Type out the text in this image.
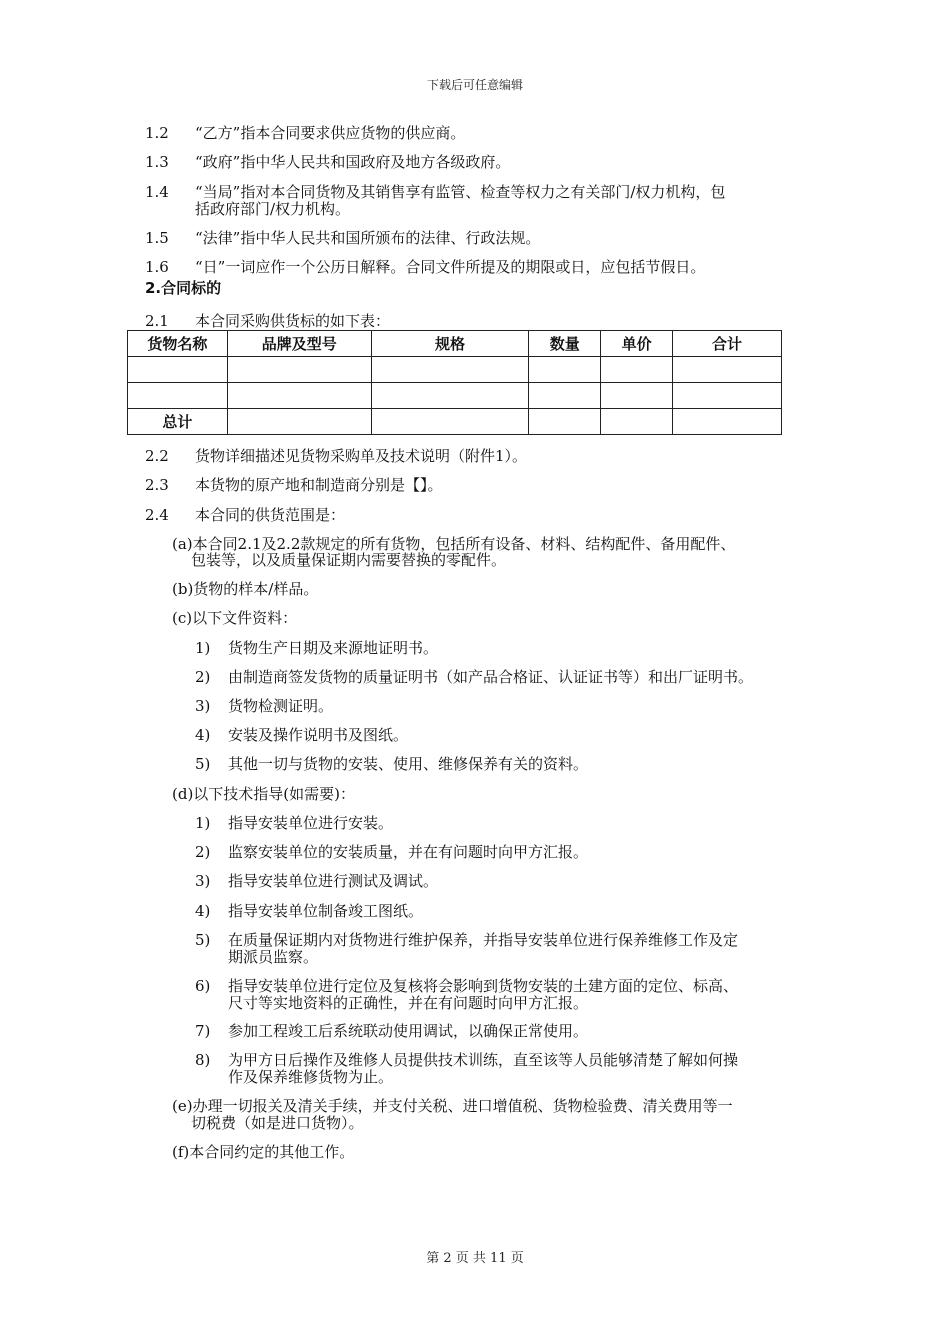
下载后可任意编辑
1.2 “乙方”指本合同要求供应货物的供应商。
1.3 “政府”指中华人民共和国政府及地方各级政府。
1.4 “当局”指对本合同货物及其销售享有监管、检查等权力之有关部门/权力机构，包
括政府部门/权力机构。
1.5 “法律”指中华人民共和国所颁布的法律、行政法规。
1.6 “日”一词应作一个公历日解释。合同文件所提及的期限或日，应包括节假日。
2.合同标的
2.1 本合同采购供货标的如下表：
货物名称	品牌及型号	规格	数量	单价	合计

总计					
2.2 货物详细描述见货物采购单及技术说明（附件1）。
2.3 本货物的原产地和制造商分别是【】。
2.4 本合同的供货范围是：
(a)本合同2.1及2.2款规定的所有货物，包括所有设备、材料、结构配件、备用配件、
包装等，以及质量保证期内需要替换的零配件。
(b)货物的样本/样品。
(c)以下文件资料：
1) 货物生产日期及来源地证明书。
2) 由制造商签发货物的质量证明书（如产品合格证、认证证书等）和出厂证明书。
3) 货物检测证明。
4) 安装及操作说明书及图纸。
5) 其他一切与货物的安装、使用、维修保养有关的资料。
(d)以下技术指导(如需要)：
1) 指导安装单位进行安装。
2) 监察安装单位的安装质量，并在有问题时向甲方汇报。
3) 指导安装单位进行测试及调试。
4) 指导安装单位制备竣工图纸。
5) 在质量保证期内对货物进行维护保养，并指导安装单位进行保养维修工作及定
期派员监察。
6) 指导安装单位进行定位及复核将会影响到货物安装的土建方面的定位、标高、
尺寸等实地资料的正确性，并在有问题时向甲方汇报。
7) 参加工程竣工后系统联动使用调试，以确保正常使用。
8) 为甲方日后操作及维修人员提供技术训练，直至该等人员能够清楚了解如何操
作及保养维修货物为止。
(e)办理一切报关及清关手续，并支付关税、进口增值税、货物检验费、清关费用等一
切税费（如是进口货物）。
(f)本合同约定的其他工作。
第 2 页 共 11 页
